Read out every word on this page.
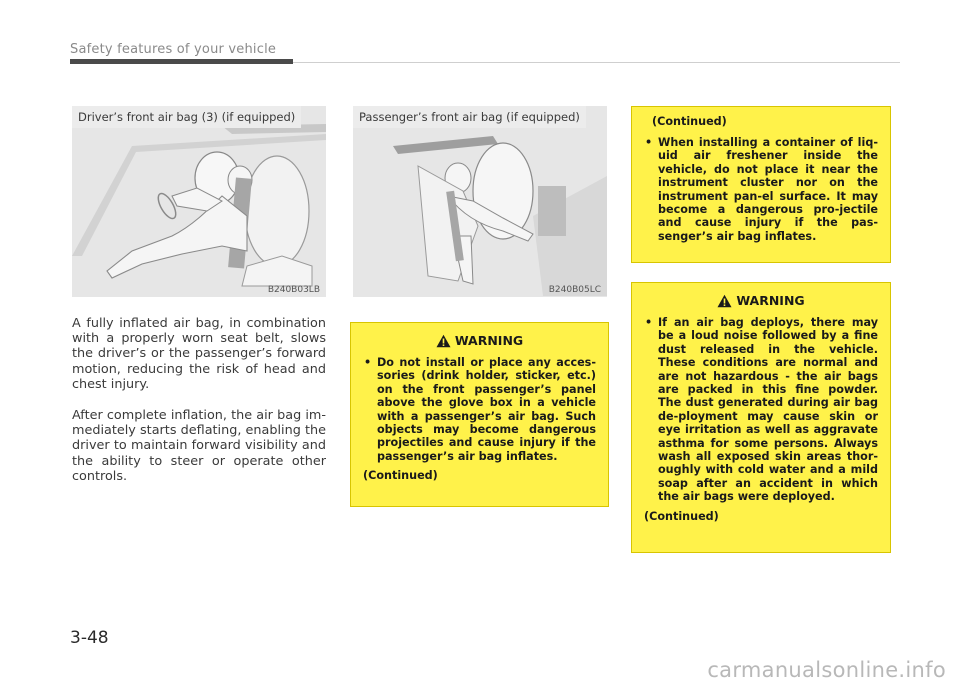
Safety features of your vehicle
Driver’s front air bag (3) (if equipped)
B240B03LB
Passenger’s front air bag (if equipped)
B240B05LC

A fully inflated air bag, in combination with a properly worn seat belt, slows the driver’s or the passenger’s forward motion, reducing the risk of head and chest injury.

After complete inflation, the air bag im-mediately starts deflating, enabling the driver to maintain forward visibility and the ability to steer or operate other controls.

WARNING
• Do not install or place any acces-sories (drink holder, sticker, etc.) on the front passenger’s panel above the glove box in a vehicle with a passenger’s air bag. Such objects may become dangerous projectiles and cause injury if the passenger’s air bag inflates.
(Continued)
(Continued)
• When installing a container of liq-uid air freshener inside the vehicle, do not place it near the instrument cluster nor on the instrument pan-el surface. It may become a dangerous pro-jectile and cause injury if the pas-senger’s air bag inflates.
WARNING
• If an air bag deploys, there may be a loud noise followed by a fine dust released in the vehicle. These conditions are normal and are not hazardous - the air bags are packed in this fine powder. The dust generated during air bag de-ployment may cause skin or eye irritation as well as aggravate asthma for some persons. Always wash all exposed skin areas thor-oughly with cold water and a mild soap after an accident in which the air bags were deployed.
(Continued)
3-48
carmanualsonline.info
